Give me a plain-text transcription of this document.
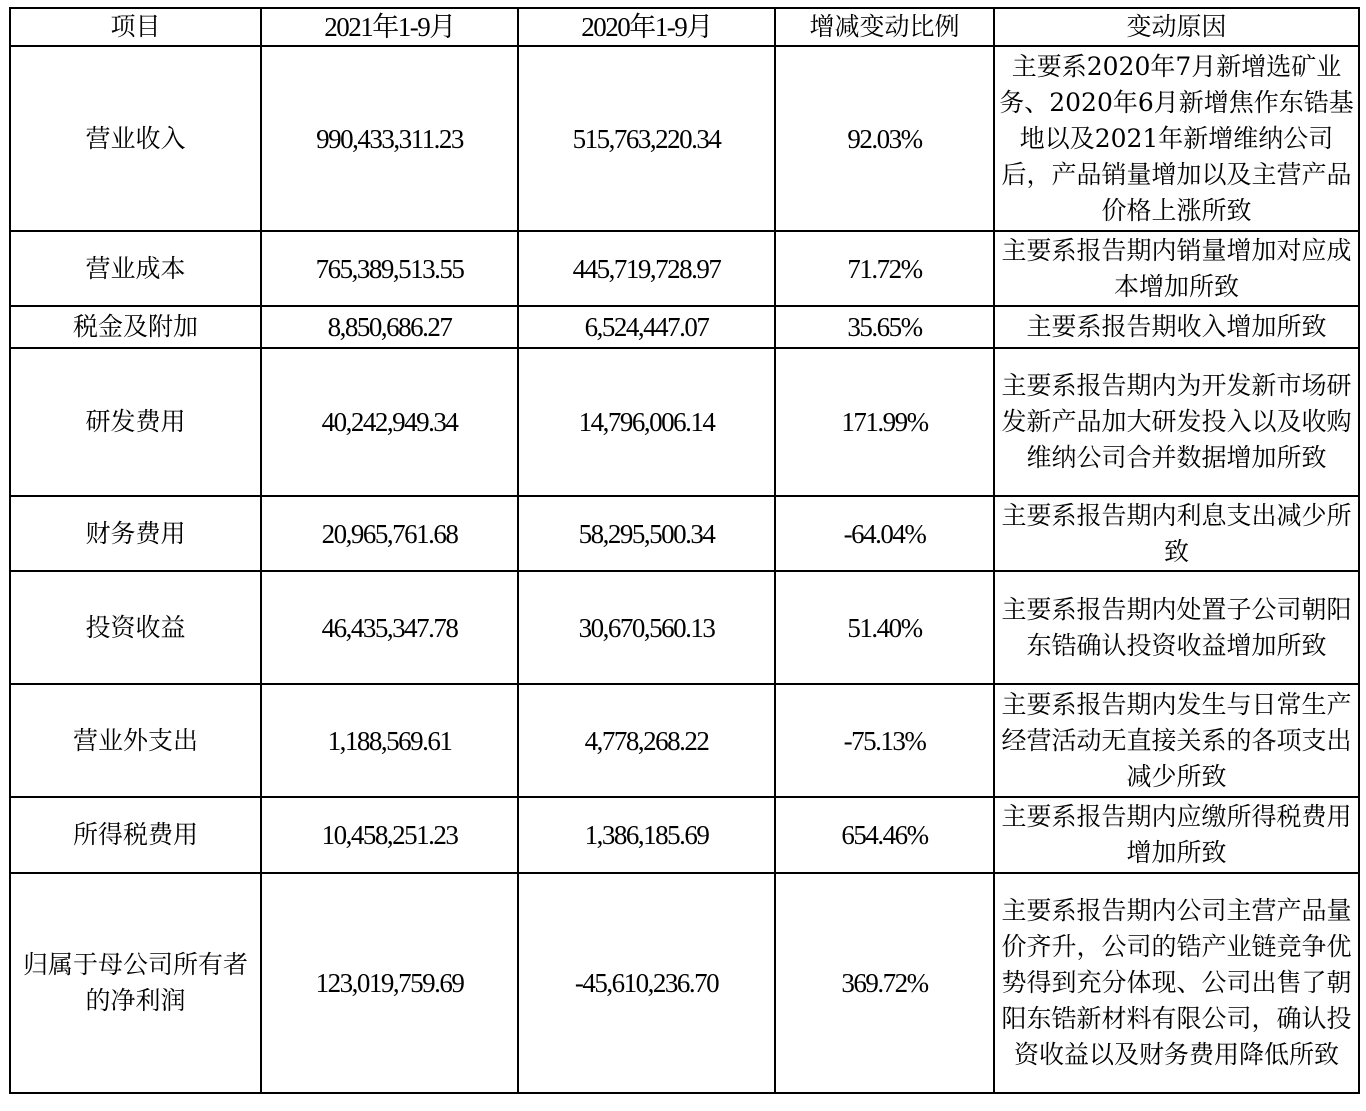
项目	2021年1-9月	2020年1-9月	增减变动比例	变动原因
营业收入	990,433,311.23	515,763,220.34	92.03%	主要系2020年7月新增选矿业务、2020年6月新增焦作东锆基地以及2021年新增维纳公司后，产品销量增加以及主营产品价格上涨所致
营业成本	765,389,513.55	445,719,728.97	71.72%	主要系报告期内销量增加对应成本增加所致
税金及附加	8,850,686.27	6,524,447.07	35.65%	主要系报告期收入增加所致
研发费用	40,242,949.34	14,796,006.14	171.99%	主要系报告期内为开发新市场研发新产品加大研发投入以及收购维纳公司合并数据增加所致
财务费用	20,965,761.68	58,295,500.34	-64.04%	主要系报告期内利息支出减少所致
投资收益	46,435,347.78	30,670,560.13	51.40%	主要系报告期内处置子公司朝阳东锆确认投资收益增加所致
营业外支出	1,188,569.61	4,778,268.22	-75.13%	主要系报告期内发生与日常生产经营活动无直接关系的各项支出减少所致
所得税费用	10,458,251.23	1,386,185.69	654.46%	主要系报告期内应缴所得税费用增加所致
归属于母公司所有者的净利润	123,019,759.69	-45,610,236.70	369.72%	主要系报告期内公司主营产品量价齐升，公司的锆产业链竞争优势得到充分体现、公司出售了朝阳东锆新材料有限公司，确认投资收益以及财务费用降低所致
